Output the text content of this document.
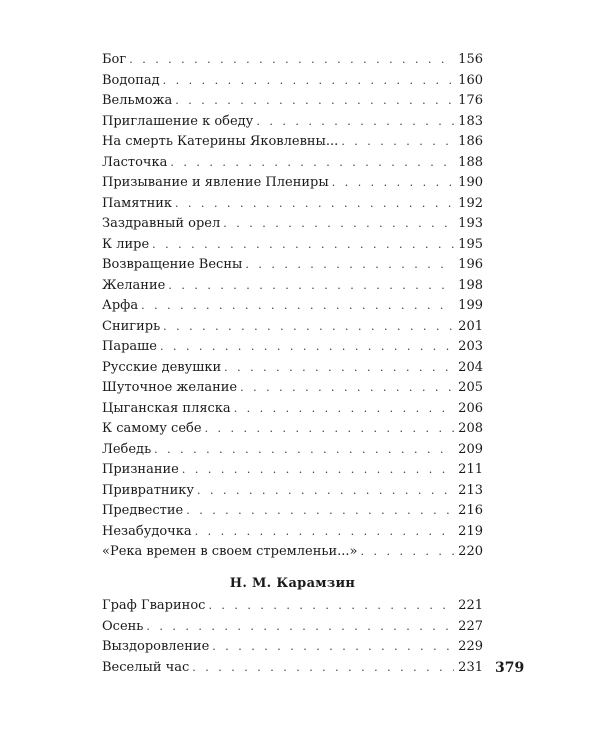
Бог . . .	156
Водопад . . .	160
Вельможа . . .	176
Приглашение к обеду . . .	183
На смерть Катерины Яковлевны... . . .	186
Ласточка . . .	188
Призывание и явление Плениры . . .	190
Памятник . . .	192
Заздравный орел . . .	193
К лире . . .	195
Возвращение Весны . . .	196
Желание . . .	198
Арфа . . .	199
Снигирь . . .	201
Параше . . .	203
Русские девушки . . .	204
Шуточное желание . . .	205
Цыганская пляска . . .	206
К самому себе . . .	208
Лебедь . . .	209
Признание . . .	211
Привратнику . . .	213
Предвестие . . .	216
Незабудочка . . .	219
«Река времен в своем стремленьи...» . . .	220
Н. М. Карамзин
Граф Гваринос . . .	221
Осень . . .	227
Выздоровление . . .	229
Веселый час . . .	231 379
